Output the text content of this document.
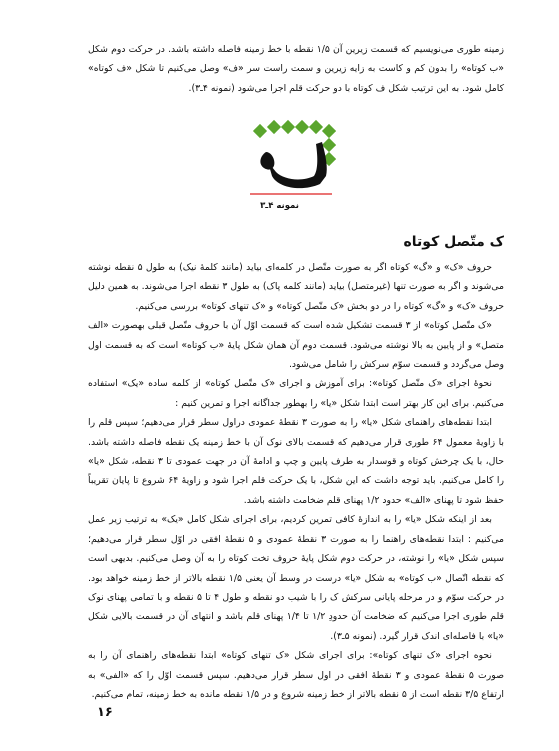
زمینه طوری می‌نویسیم که قسمت زیرین آن ۱/۵ نقطه با خط زمینه فاصله داشته باشد. در حرکت دوم شکل «ب کوتاه» را بدون کم و کاست به زایه زیرین و سمت راست سر «ف» وصل می‌کنیم تا شکل «ف کوتاه» کامل شود. به این ترتیب شکل ف کوتاه با دو حرکت قلم اجرا می‌شود (نمونه ۴ـ۳).

نمونه ۴ـ۳
ک متّصل کوتاه

حروف «ک» و «گ» کوتاه اگر به صورت متّصل در کلمه‌ای بیاید (مانند کلمهٔ نیک) به طول ۵ نقطه نوشته می‌شوند و اگر به صورت تنها (غیرمتصل) بیاید (مانند کلمه پاک) به طول ۳ نقطه اجرا می‌شوند. به همین دلیل حروف «ک» و «گ» کوتاه را در دو بخش «ک متّصل کوتاه» و «ک تنهای کوتاه» بررسی می‌کنیم.

«ک متّصل کوتاه» از ۳ قسمت تشکیل شده است که قسمت اوّل آن با حروف متّصل قبلی بهصورت «الف متصل» و از پایین به بالا نوشته می‌شود. قسمت دوم آن همان شکل پایهٔ «ب کوتاه» است که به قسمت اول وصل می‌گردد و قسمت سوّم سرکش را شامل می‌شود.

نحوهٔ اجرای «ک متّصل کوتاه»: برای آموزش و اجرای «ک متّصل کوتاه» از کلمه ساده «یک» استفاده می‌کنیم. برای این کار بهتر است ابتدا شکل «یا» را بهطور جداگانه اجرا و تمرین کنیم :

ابتدا نقطه‌های راهنمای شکل «یا» را به صورت ۳ نقطهٔ عمودی دراول سطر قرار می‌دهیم؛ سپس قلم را با زاویهٔ معمول ۶۴ طوری قرار می‌دهیم که قسمت بالای نوک آن با خط زمینه یک نقطه فاصله داشته باشد. حال، با یک چرخش کوتاه و قوسدار به طرف پایین و چپ و ادامهٔ آن در جهت عمودی تا ۳ نقطه، شکل «یا» را کامل می‌کنیم. باید توجه داشت که این شکل، با یک حرکت قلم اجرا شود و زاویهٔ ۶۴ شروع تا پایان تقریباً حفظ شود تا پهنای «الف» حدود ۱/۲ پهنای قلم ضخامت داشته باشد.

بعد از اینکه شکل «یا» را به اندازهٔ کافی تمرین کردیم، برای اجرای شکل کامل «یک» به ترتیب زیر عمل می‌کنیم : ابتدا نقطه‌های راهنما را به صورت ۳ نقطهٔ عمودی و ۵ نقطهٔ افقی در اوّل سطر قرار می‌دهیم؛ سپس شکل «یا» را نوشته، در حرکت دوم شکل پایهٔ حروف تخت کوتاه را به آن وصل می‌کنیم. بدیهی است که نقطه اتّصال «ب کوتاه» به شکل «یا» درست در وسط آن یعنی ۱/۵ نقطه بالاتر از خط زمینه خواهد بود. در حرکت سوّم و در مرحله پایانی سرکش ک را با شیب دو نقطه و طول ۴ تا ۵ نقطه و با تمامی پهنای نوک قلم طوری اجرا می‌کنیم که ضخامت آن حدودِ ۱/۲ تا ۱/۴ پهنای قلم باشد و انتهای آن در قسمت بالایی شکل «یا» با فاصله‌ای اندک قرار گیرد. (نمونه ۵ـ۳).

نحوه اجرای «ک تنهای کوتاه»: برای اجرای شکل «ک تنهای کوتاه» ابتدا نقطه‌های راهنمای آن را به صورت ۵ نقطهٔ عمودی و ۳ نقطهٔ افقی در اول سطر قرار می‌دهیم. سپس قسمت اوّل را که «الفی» به ارتفاع ۳/۵ نقطه است از ۵ نقطه بالاتر از خط زمینه شروع و در ۱/۵ نقطه مانده به خط زمینه، تمام می‌کنیم.

۱۶
